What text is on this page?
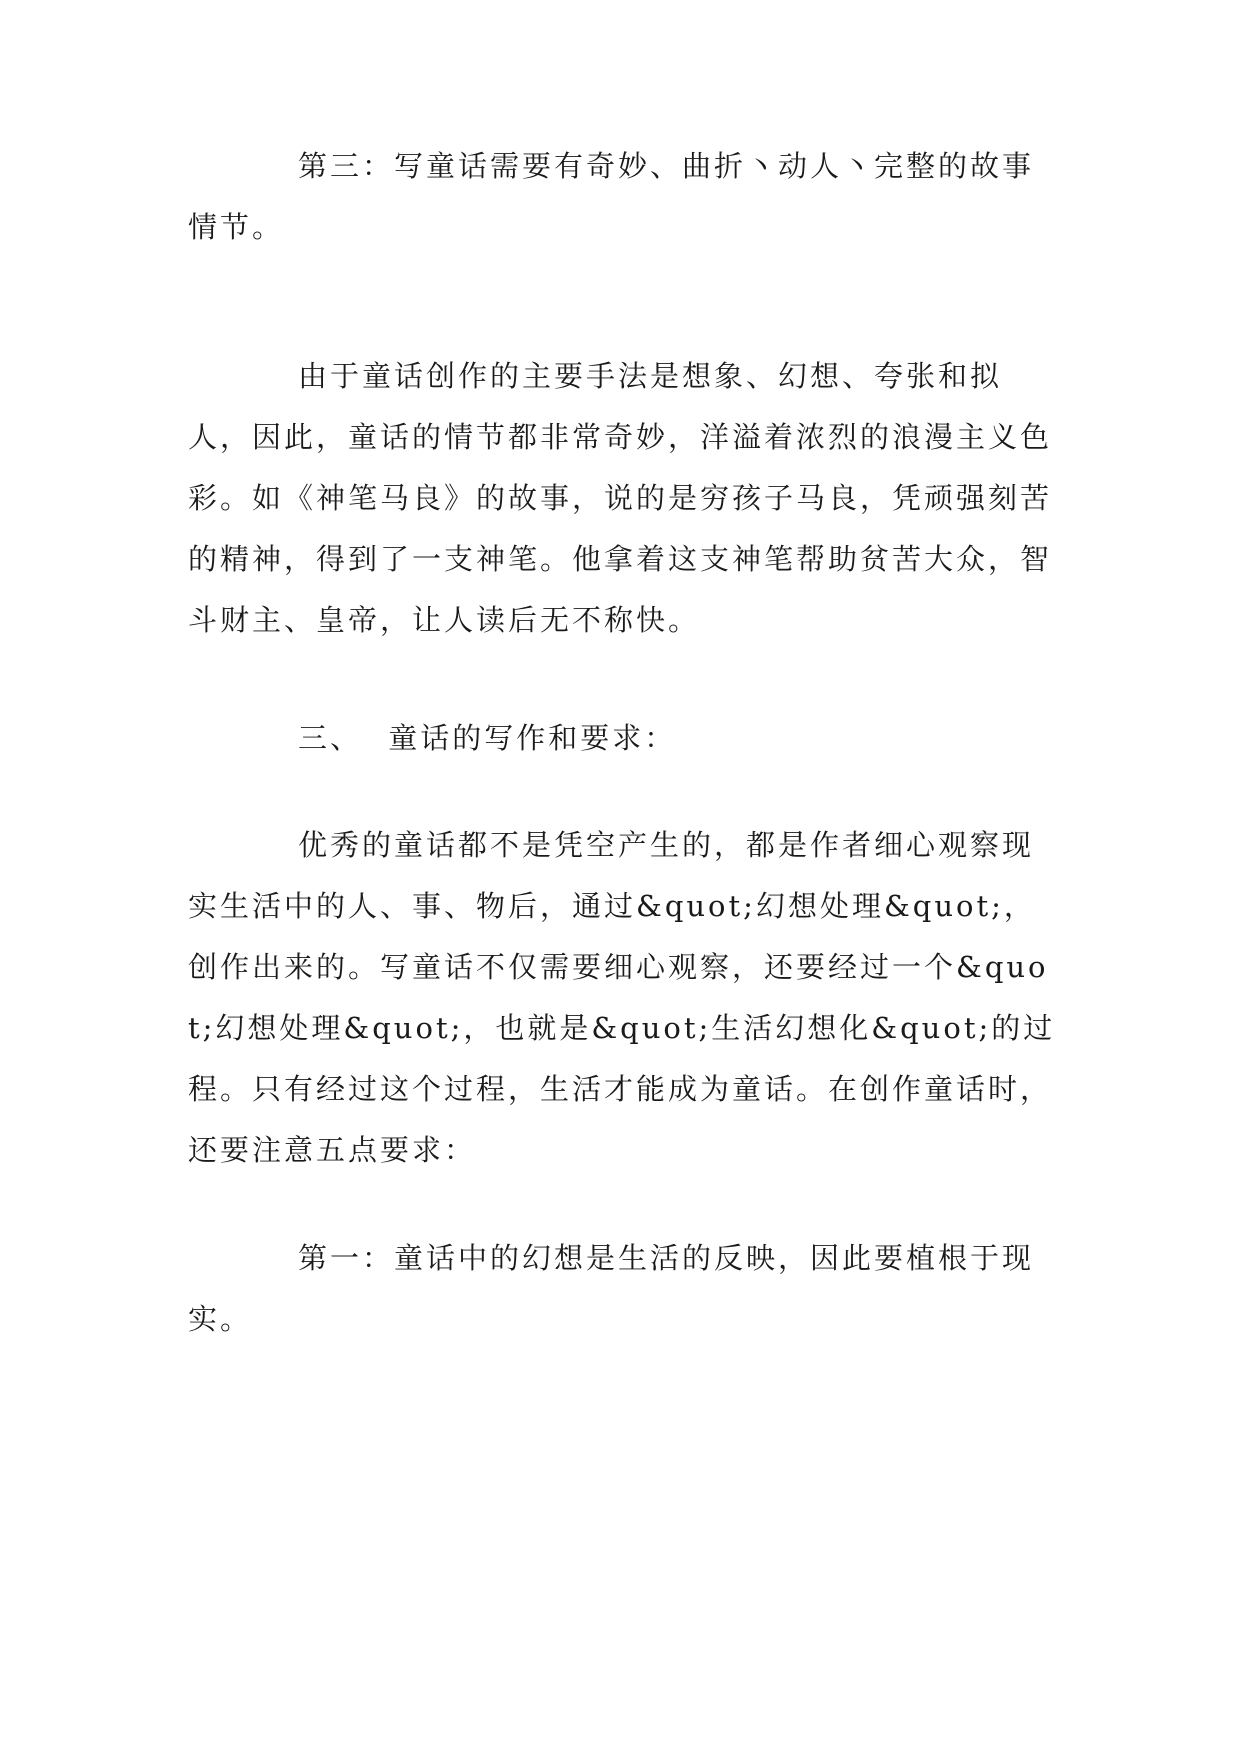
第三：写童话需要有奇妙、曲折丶动人丶完整的故事情节。

由于童话创作的主要手法是想象、幻想、夸张和拟人，因此，童话的情节都非常奇妙，洋溢着浓烈的浪漫主义色彩。如《神笔马良》的故事，说的是穷孩子马良，凭顽强刻苦的精神，得到了一支神笔。他拿着这支神笔帮助贫苦大众，智斗财主、皇帝，让人读后无不称快。

三、 童话的写作和要求：

优秀的童话都不是凭空产生的，都是作者细心观察现实生活中的人、事、物后，通过&quot;幻想处理&quot;，创作出来的。写童话不仅需要细心观察，还要经过一个&quot;幻想处理&quot;，也就是&quot;生活幻想化&quot;的过程。只有经过这个过程，生活才能成为童话。在创作童话时，还要注意五点要求：

第一：童话中的幻想是生活的反映，因此要植根于现实。
